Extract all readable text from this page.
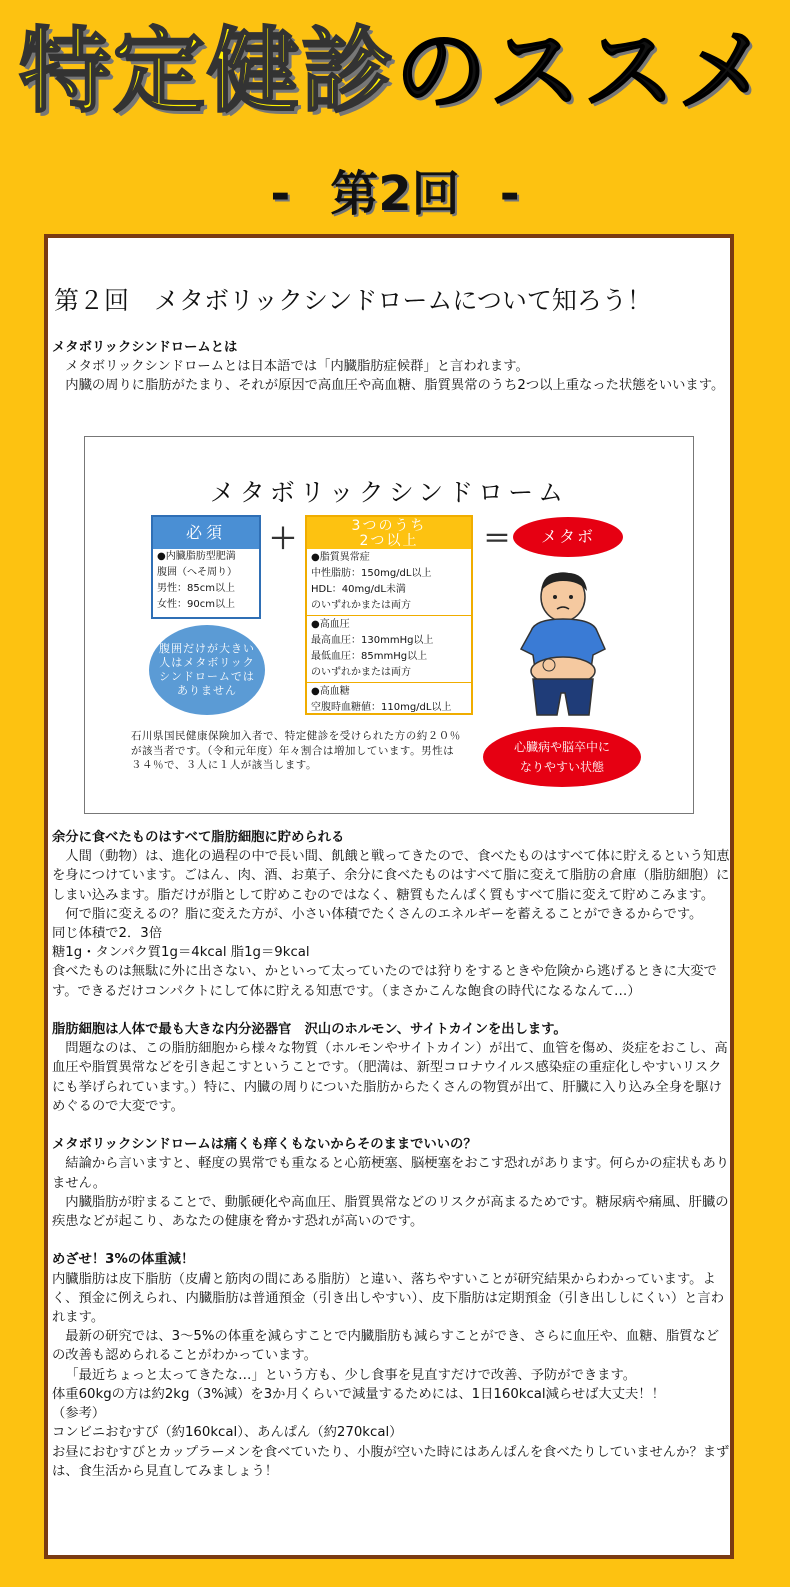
特定健診のススメ
- 第2回 -
第２回　メタボリックシンドロームについて知ろう！

メタボリックシンドロームとは

メタボリックシンドロームとは日本語では「内臓脂肪症候群」と言われます。

内臓の周りに脂肪がたまり、それが原因で高血圧や高血糖、脂質異常のうち2つ以上重なった状態をいいます。

メタボリックシンドローム
必須
●内臓脂肪型肥満
腹囲（へそ周り）
男性：85cm以上
女性：90cm以上
＋	3つのうち
2つ以上
●脂質異常症
中性脂肪：150mg/dL以上
HDL：40mg/dL未満
のいずれかまたは両方
●高血圧
最高血圧：130mmHg以上
最低血圧：85mmHg以上
のいずれかまたは両方
●高血糖
空腹時血糖値：110mg/dL以上
＝	メタボ
腹囲だけが大きい人はメタボリックシンドロームではありません
石川県国民健康保険加入者で、特定健診を受けられた方の約２０％が該当者です。（令和元年度）年々割合は増加しています。男性は３４％で、３人に１人が該当します。
心臓病や脳卒中に
なりやすい状態

余分に食べたものはすべて脂肪細胞に貯められる

人間（動物）は、進化の過程の中で長い間、飢餓と戦ってきたので、食べたものはすべて体に貯えるという知恵を身につけています。ごはん、肉、酒、お菓子、余分に食べたものはすべて脂に変えて脂肪の倉庫（脂肪細胞）にしまい込みます。脂だけが脂として貯めこむのではなく、糖質もたんぱく質もすべて脂に変えて貯めこみます。

何で脂に変えるの？脂に変えた方が、小さい体積でたくさんのエネルギーを蓄えることができるからです。

同じ体積で2．3倍

糖1g・タンパク質1g＝4kcal 脂1g＝9kcal

食べたものは無駄に外に出さない、かといって太っていたのでは狩りをするときや危険から逃げるときに大変です。できるだけコンパクトにして体に貯える知恵です。（まさかこんな飽食の時代になるなんて…）

脂肪細胞は人体で最も大きな内分泌器官　沢山のホルモン、サイトカインを出します。

問題なのは、この脂肪細胞から様々な物質（ホルモンやサイトカイン）が出て、血管を傷め、炎症をおこし、高血圧や脂質異常などを引き起こすということです。（肥満は、新型コロナウイルス感染症の重症化しやすいリスクにも挙げられています。）特に、内臓の周りについた脂肪からたくさんの物質が出て、肝臓に入り込み全身を駆けめぐるので大変です。

メタボリックシンドロームは痛くも痒くもないからそのままでいいの？

結論から言いますと、軽度の異常でも重なると心筋梗塞、脳梗塞をおこす恐れがあります。何らかの症状もありません。

内臓脂肪が貯まることで、動脈硬化や高血圧、脂質異常などのリスクが高まるためです。糖尿病や痛風、肝臓の疾患などが起こり、あなたの健康を脅かす恐れが高いのです。

めざせ！3%の体重減！

内臓脂肪は皮下脂肪（皮膚と筋肉の間にある脂肪）と違い、落ちやすいことが研究結果からわかっています。よく、預金に例えられ、内臓脂肪は普通預金（引き出しやすい）、皮下脂肪は定期預金（引き出ししにくい）と言われます。

最新の研究では、3～5%の体重を減らすことで内臓脂肪も減らすことができ、さらに血圧や、血糖、脂質などの改善も認められることがわかっています。

「最近ちょっと太ってきたな…」という方も、少し食事を見直すだけで改善、予防ができます。

体重60kgの方は約2kg（3%減）を3か月くらいで減量するためには、1日160kcal減らせば大丈夫！！

（参考）

コンビニおむすび（約160kcal）、あんぱん（約270kcal）

お昼におむすびとカップラーメンを食べていたり、小腹が空いた時にはあんぱんを食べたりしていませんか？まずは、食生活から見直してみましょう！
